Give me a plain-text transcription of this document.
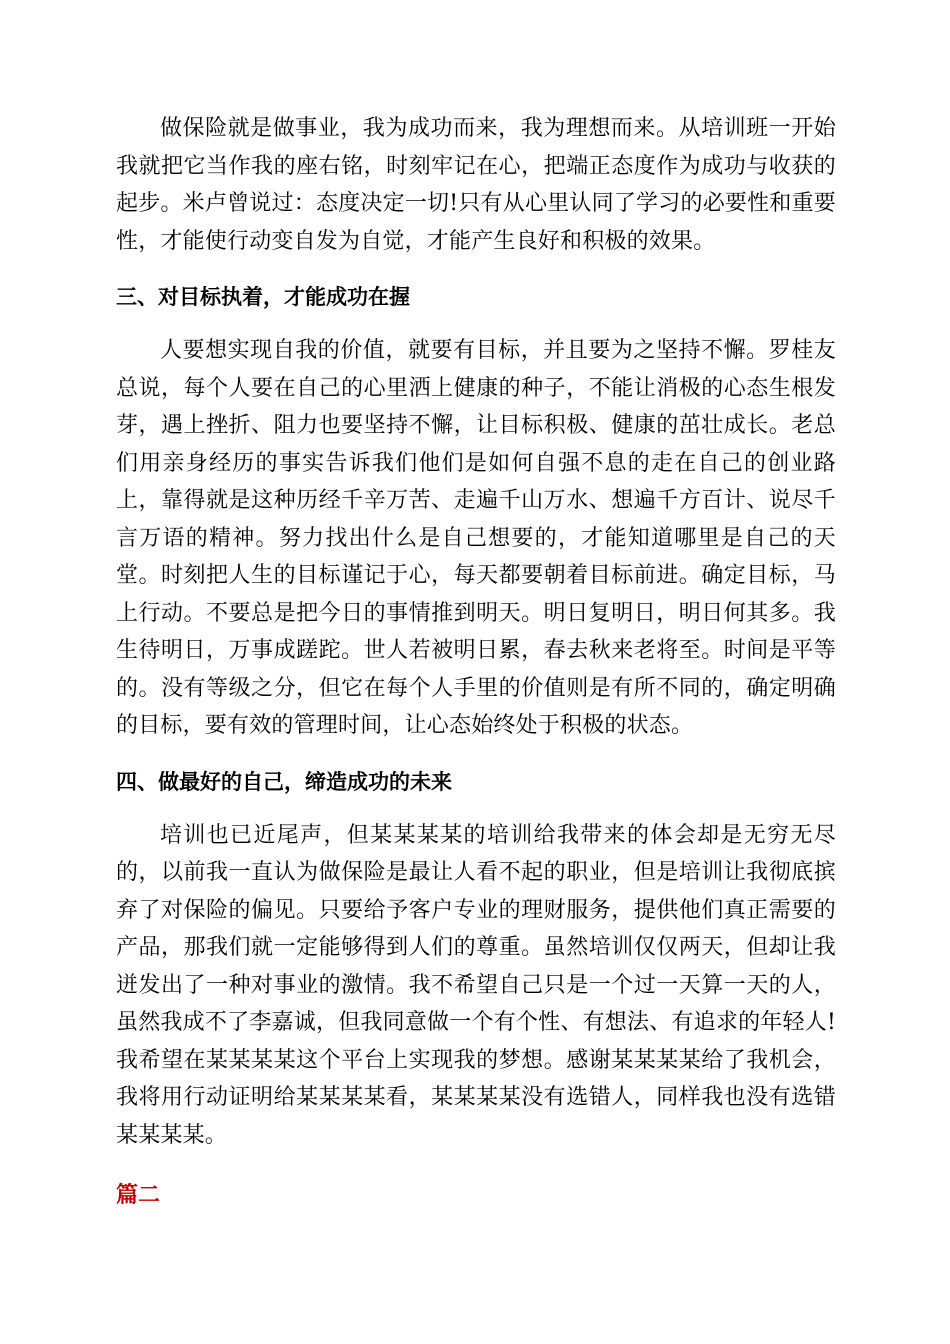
做保险就是做事业，我为成功而来，我为理想而来。从培训班一开始我就把它当作我的座右铭，时刻牢记在心，把端正态度作为成功与收获的起步。米卢曾说过：态度决定一切!只有从心里认同了学习的必要性和重要性，才能使行动变自发为自觉，才能产生良好和积极的效果。

三、对目标执着，才能成功在握

人要想实现自我的价值，就要有目标，并且要为之坚持不懈。罗桂友总说，每个人要在自己的心里洒上健康的种子，不能让消极的心态生根发芽，遇上挫折、阻力也要坚持不懈，让目标积极、健康的茁壮成长。老总们用亲身经历的事实告诉我们他们是如何自强不息的走在自己的创业路上，靠得就是这种历经千辛万苦、走遍千山万水、想遍千方百计、说尽千言万语的精神。努力找出什么是自己想要的，才能知道哪里是自己的天堂。时刻把人生的目标谨记于心，每天都要朝着目标前进。确定目标，马上行动。不要总是把今日的事情推到明天。明日复明日，明日何其多。我生待明日，万事成蹉跎。世人若被明日累，春去秋来老将至。时间是平等的。没有等级之分，但它在每个人手里的价值则是有所不同的，确定明确的目标，要有效的管理时间，让心态始终处于积极的状态。

四、做最好的自己，缔造成功的未来

培训也已近尾声，但某某某某的培训给我带来的体会却是无穷无尽的，以前我一直认为做保险是最让人看不起的职业，但是培训让我彻底摈弃了对保险的偏见。只要给予客户专业的理财服务，提供他们真正需要的产品，那我们就一定能够得到人们的尊重。虽然培训仅仅两天，但却让我迸发出了一种对事业的激情。我不希望自己只是一个过一天算一天的人，虽然我成不了李嘉诚，但我同意做一个有个性、有想法、有追求的年轻人!我希望在某某某某这个平台上实现我的梦想。感谢某某某某给了我机会，我将用行动证明给某某某某看，某某某某没有选错人，同样我也没有选错某某某某。

篇二
